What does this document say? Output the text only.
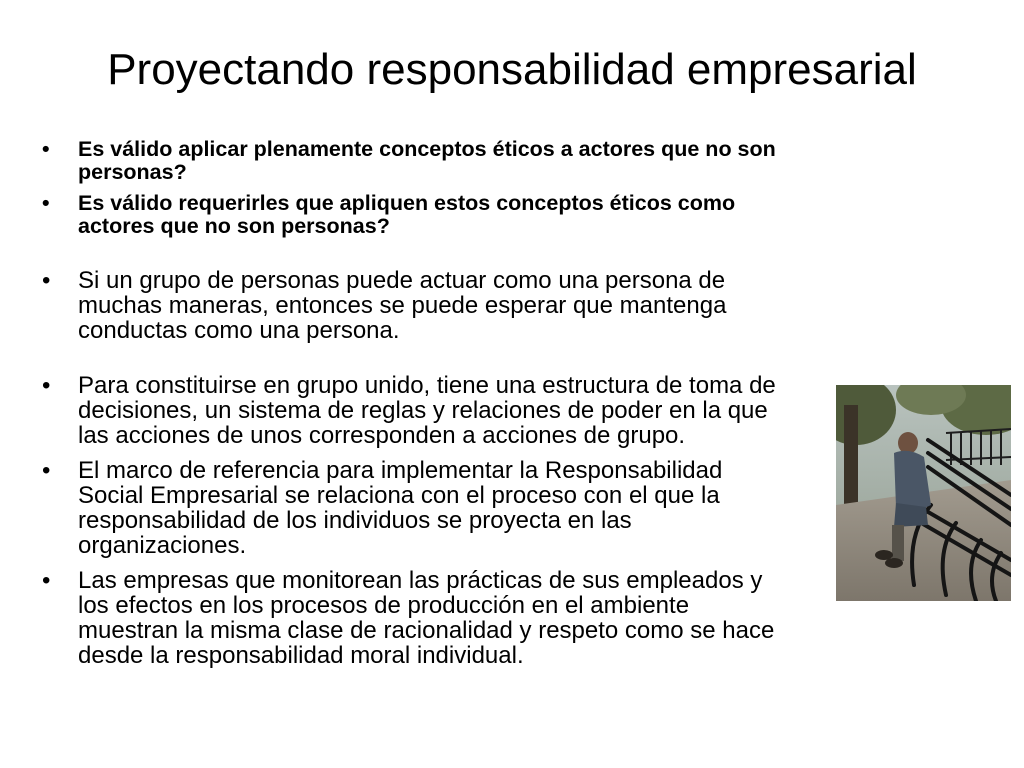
Proyectando responsabilidad empresarial
•	Es válido aplicar plenamente conceptos éticos a actores que no son personas?
•	Es válido requerirles que apliquen estos conceptos éticos como actores que no son personas?
•	Si un grupo de personas puede actuar como una persona de muchas maneras, entonces se puede esperar que mantenga conductas como una persona.
•	Para constituirse en grupo unido, tiene una estructura de toma de decisiones, un sistema de reglas y relaciones de poder en la que las acciones de unos corresponden a acciones de grupo.
•	El marco de referencia para implementar la Responsabilidad Social Empresarial se relaciona con el proceso con el que la responsabilidad de los individuos se proyecta en las organizaciones.
•	Las empresas que monitorean las prácticas de sus empleados y los efectos en los procesos de producción en el ambiente muestran la misma clase de racionalidad y respeto como se hace desde la responsabilidad moral individual.
